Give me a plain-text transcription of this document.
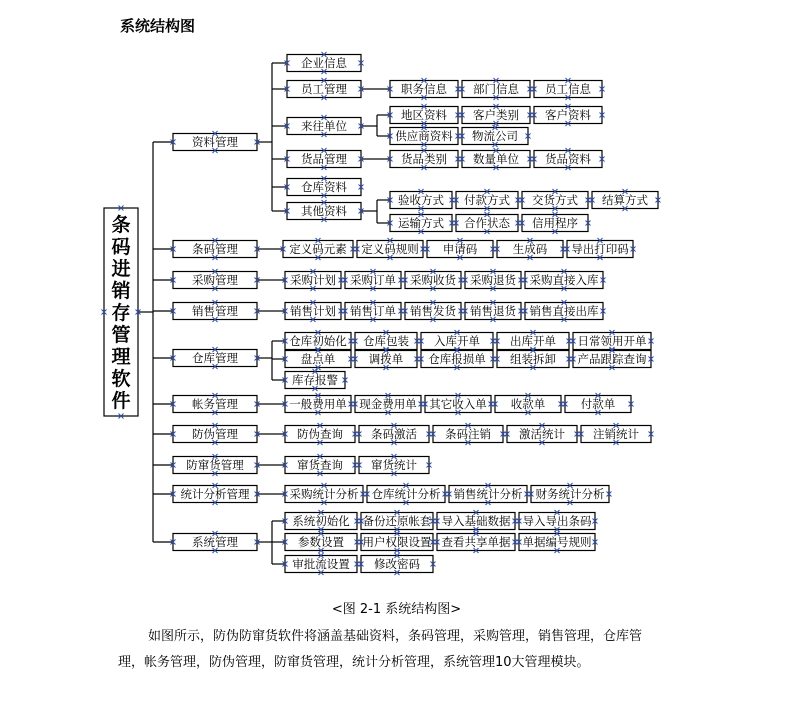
系统结构图
条码进销存管理软件
资料管理
企业信息
员工管理	职务信息 部门信息 员工信息
来往单位
地区资料 客户类别 客户资料
供应商资料 物流公司
货品管理	货品类别 数量单位 货品资料
仓库资料
其他资料
验收方式 付款方式 交货方式 结算方式
运输方式 合作状态 信用程序
条码管理	定义码元素 定义码规则 申请码	生成码 导出打印码
采购管理	采购计划 采购订单 采购收货 采购退货 采购直接入库
销售管理	销售计划 销售订单 销售发货 销售退货 销售直接出库
仓库管理
仓库初始化 仓库包装 入库开单	出库开单 日常领用开单
盘点单	调拨单 仓库报损单 组装拆卸 产品跟踪查询
库存报警
帐务管理	一般费用单 现金费用单 其它收入单 收款单	付款单
防伪管理	防伪查询 条码激活 条码注销 激活统计 注销统计
防窜货管理	窜货查询 窜货统计
统计分析管理	采购统计分析 仓库统计分析 销售统计分析 财务统计分析
系统管理
系统初始化 备份还原帐套 导入基础数据 导入导出条码
参数设置 用户权限设置 查看共享单据 单据编号规则
审批流设置 修改密码
<图 2-1 系统结构图>

如图所示，防伪防窜货软件将涵盖基础资料，条码管理，采购管理，销售管理，仓库管理，帐务管理，防伪管理，防窜货管理，统计分析管理，系统管理10大管理模块。
